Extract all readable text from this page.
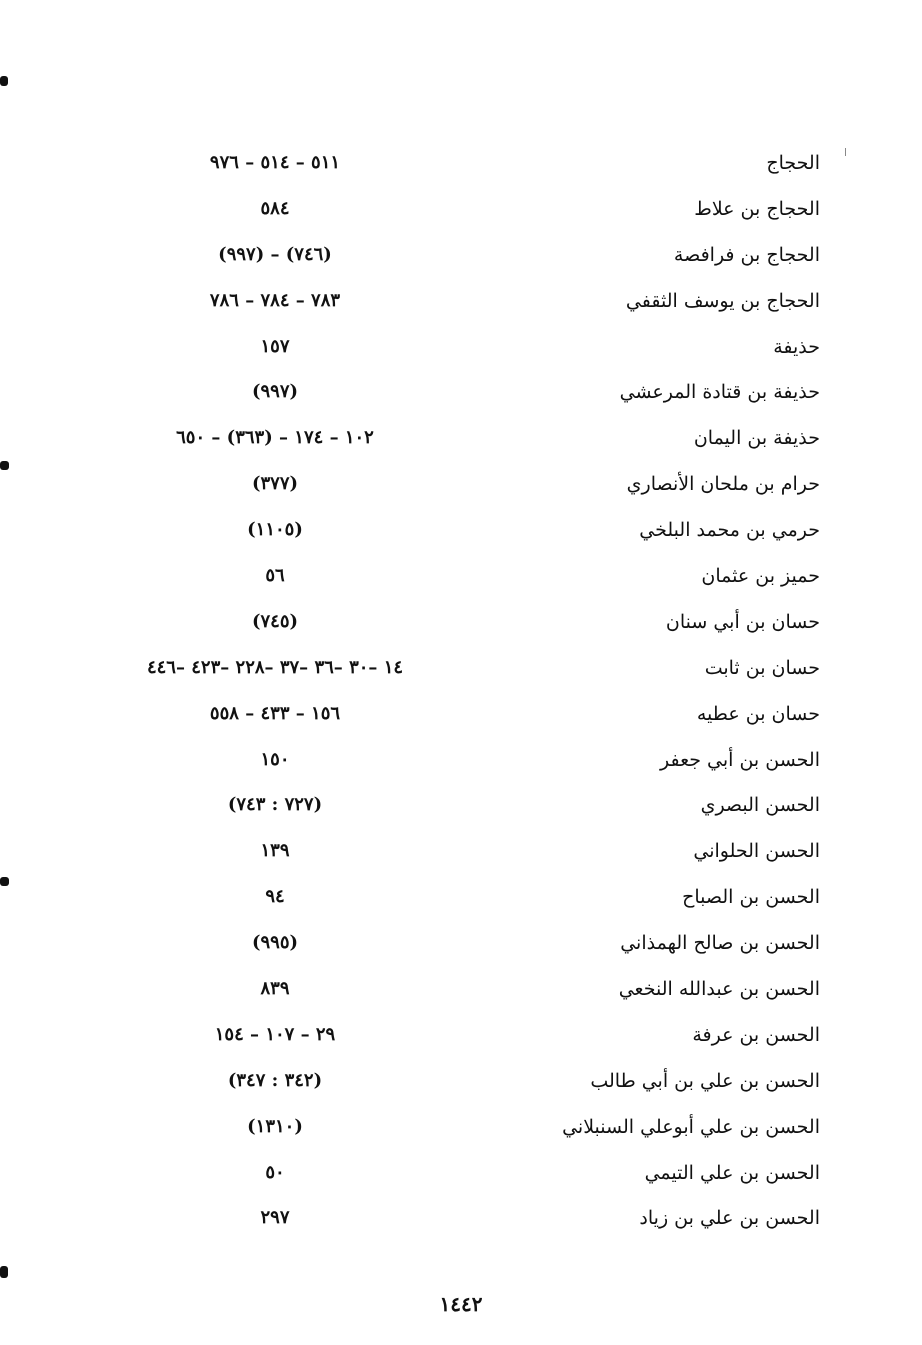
الحجاج
٥١١ – ٥١٤ – ٩٧٦
الحجاج بن علاط
٥٨٤
الحجاج بن فرافصة
(٧٤٦) – (٩٩٧)
الحجاج بن يوسف الثقفي
٧٨٣ – ٧٨٤ – ٧٨٦
حذيفة
١٥٧
حذيفة بن قتادة المرعشي
(٩٩٧)
حذيفة بن اليمان
١٠٢ – ١٧٤ – (٣٦٣) – ٦٥٠
حرام بن ملحان الأنصاري
(٣٧٧)
حرمي بن محمد البلخي
(١١٠٥)
حميز بن عثمان
٥٦
حسان بن أبي سنان
(٧٤٥)
حسان بن ثابت
١٤ –٣٠ –٣٦ –٣٧ –٢٢٨ –٤٢٣ –٤٤٦
حسان بن عطيه
١٥٦ – ٤٣٣ – ٥٥٨
الحسن بن أبي جعفر
١٥٠
الحسن البصري
(٧٢٧ : ٧٤٣)
الحسن الحلواني
١٣٩
الحسن بن الصباح
٩٤
الحسن بن صالح الهمذاني
(٩٩٥)
الحسن بن عبدالله النخعي
٨٣٩
الحسن بن عرفة
٢٩ – ١٠٧ – ١٥٤
الحسن بن علي بن أبي طالب
(٣٤٢ : ٣٤٧)
الحسن بن علي أبوعلي السنبلاني
(١٣١٠)
الحسن بن علي التيمي
٥٠
الحسن بن علي بن زياد
٢٩٧
١٤٤٢
